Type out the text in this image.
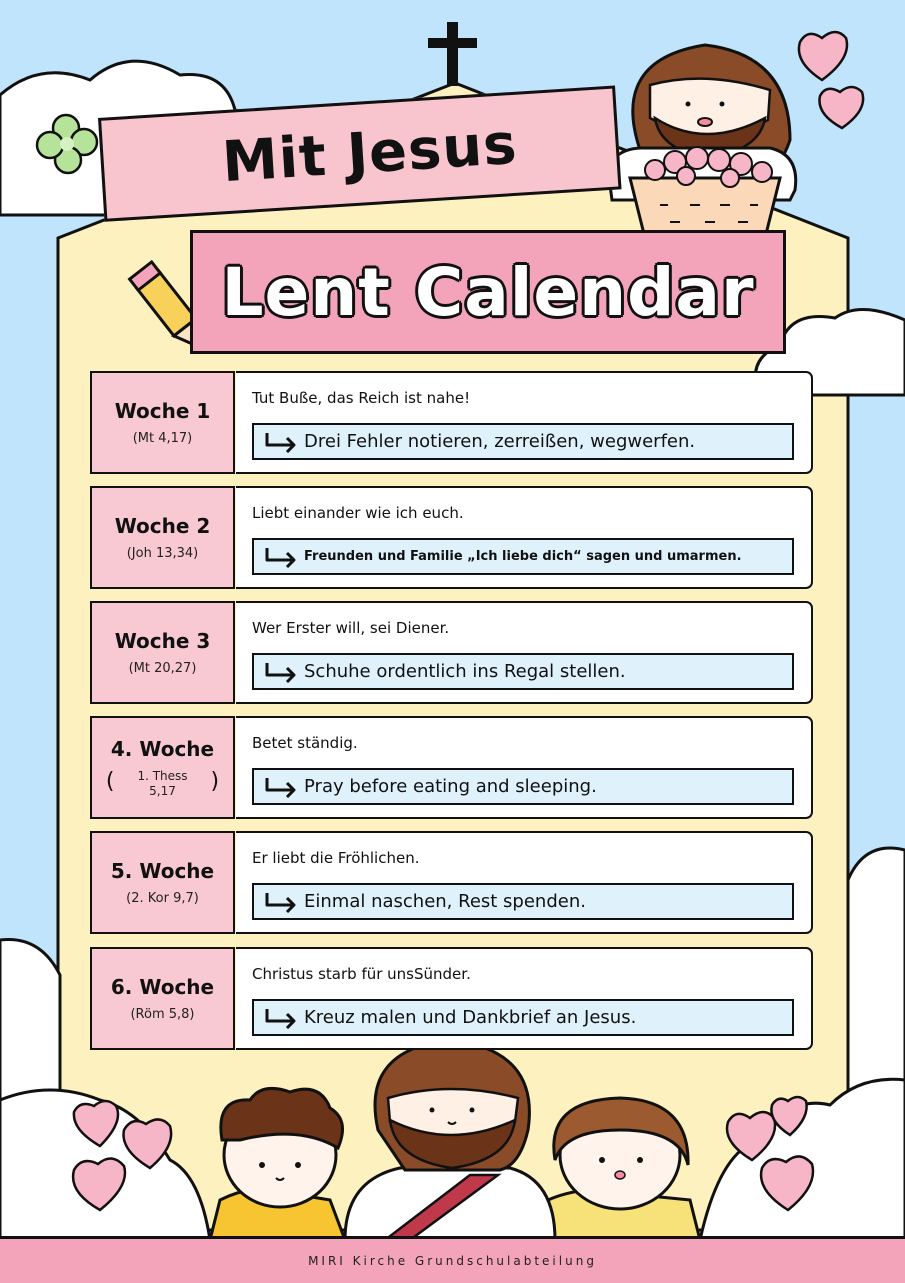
Mit Jesus
Lent Calendar
Woche 1
(Mt 4,17)
Tut Buße, das Reich ist nahe!
Drei Fehler notieren, zerreißen, wegwerfen.
Woche 2
(Joh 13,34)
Liebt einander wie ich euch.
Freunden und Familie „Ich liebe dich“ sagen und umarmen.
Woche 3
(Mt 20,27)
Wer Erster will, sei Diener.
Schuhe ordentlich ins Regal stellen.
4. Woche
(	1. Thess 5,17	)
Betet ständig.
Pray before eating and sleeping.
5. Woche
(2. Kor 9,7)
Er liebt die Fröhlichen.
Einmal naschen, Rest spenden.
6. Woche
(Röm 5,8)
Christus starb für unsSünder.
Kreuz malen und Dankbrief an Jesus.
MIRI Kirche Grundschulabteilung
